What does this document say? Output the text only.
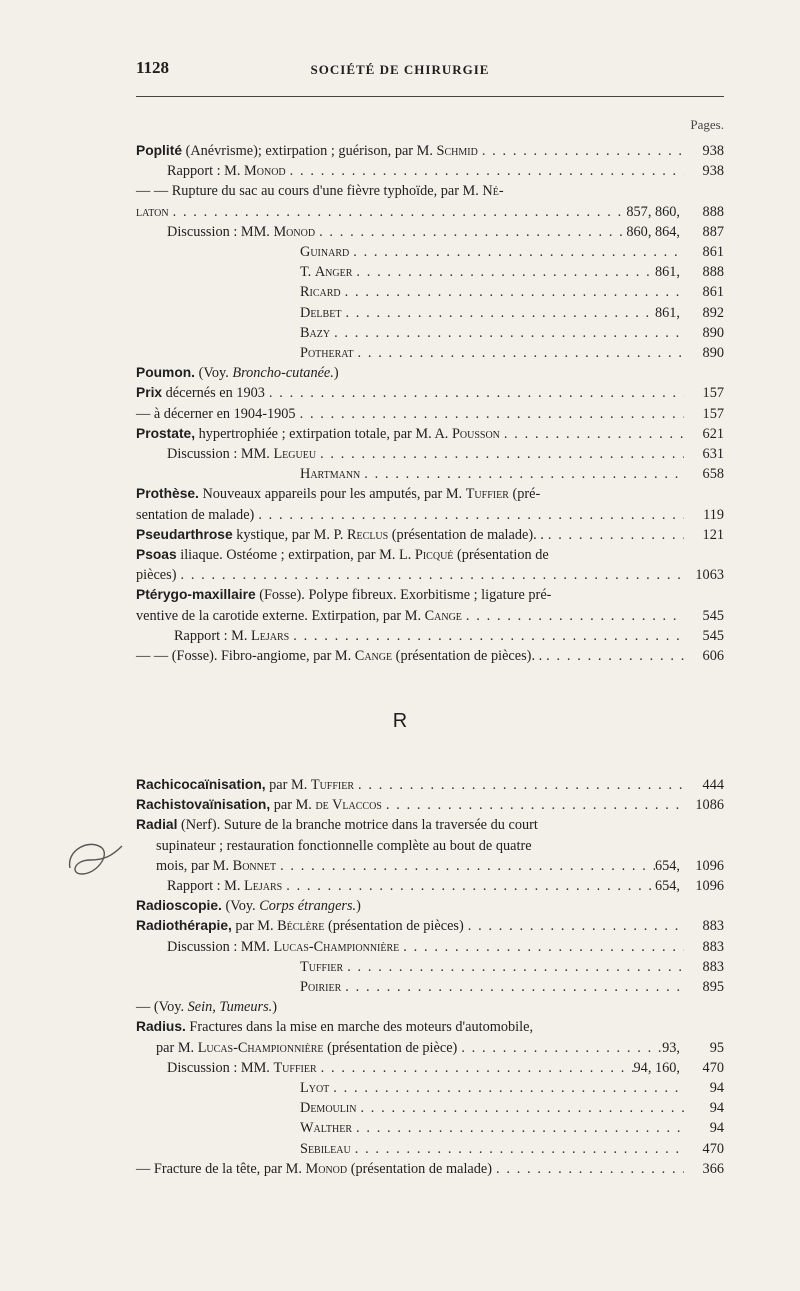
1128	SOCIÉTÉ DE CHIRURGIE
Pages.
R
Poplité (Anévrisme); extirpation ; guérison, par M. Schmid . . .	938
Rapport : M. Monod . . .	938
— — Rupture du sac au cours d'une fièvre typhoïde, par M. Né-
laton . . .	857, 860,	888
Discussion : MM. Monod . . .	860, 864,	887
Guinard . . .	861
T. Anger . . .	861,	888
Ricard . . .	861
Delbet . . .	861,	892
Bazy . . .	890
Potherat . . .	890
Poumon. (Voy. Broncho-cutanée.)
Prix décernés en 1903 . . .	157
— à décerner en 1904-1905 . . .	157
Prostate, hypertrophiée ; extirpation totale, par M. A. Pousson . . .	621
Discussion : MM. Legueu . . .	631
Hartmann . . .	658
Prothèse. Nouveaux appareils pour les amputés, par M. Tuffier (pré-
sentation de malade) . . .	119
Pseudarthrose kystique, par M. P. Reclus (présentation de malade). . . . .	121
Psoas iliaque. Ostéome ; extirpation, par M. L. Picqué (présentation de
pièces) . . .	1063
Ptérygo-maxillaire (Fosse). Polype fibreux. Exorbitisme ; ligature pré-
ventive de la carotide externe. Extirpation, par M. Cange . . .	545
Rapport : M. Lejars . . .	545
— — (Fosse). Fibro-angiome, par M. Cange (présentation de pièces). . . . .	606
Rachicocaïnisation, par M. Tuffier . . .	444
Rachistovaïnisation, par M. de Vlaccos . . .	1086
Radial (Nerf). Suture de la branche motrice dans la traversée du court
supinateur ; restauration fonctionnelle complète au bout de quatre
mois, par M. Bonnet . . .	654,	1096
Rapport : M. Lejars . . .	654,	1096
Radioscopie. (Voy. Corps étrangers.)
Radiothérapie, par M. Béclère (présentation de pièces) . . .	883
Discussion : MM. Lucas-Championnière . . .	883
Tuffier . . .	883
Poirier . . .	895
— (Voy. Sein, Tumeurs.)
Radius. Fractures dans la mise en marche des moteurs d'automobile,
par M. Lucas-Championnière (présentation de pièce) . . .	93,	95
Discussion : MM. Tuffier . . .	94, 160,	470
Lyot . . .	94
Demoulin . . .	94
Walther . . .	94
Sebileau . . .	470
— Fracture de la tête, par M. Monod (présentation de malade) . . .	366
